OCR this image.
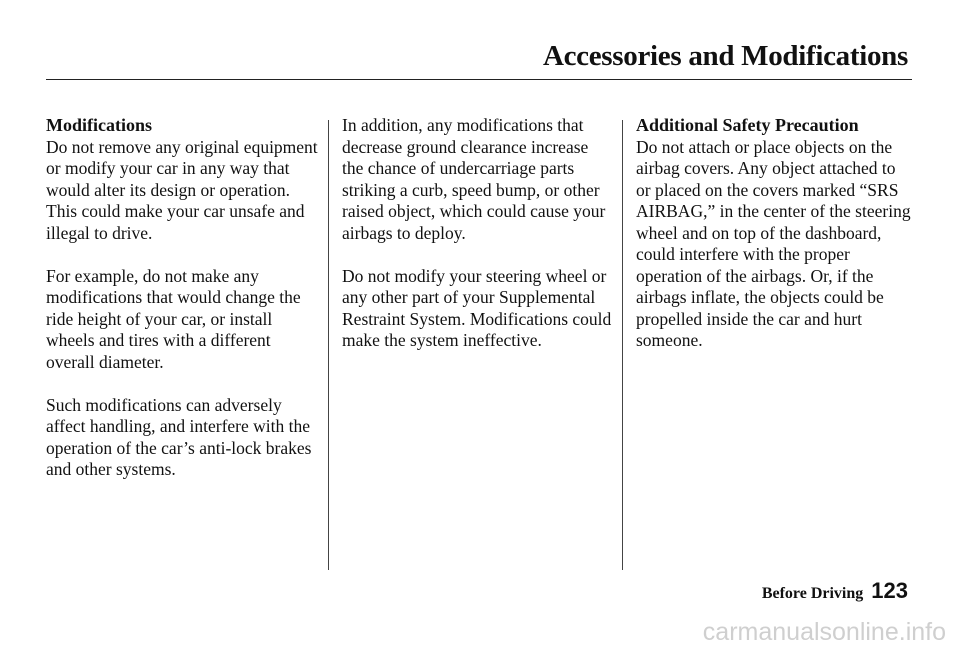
Accessories and Modifications
Modifications

Do not remove any original equipment or modify your car in any way that would alter its design or operation. This could make your car unsafe and illegal to drive.

For example, do not make any modifications that would change the ride height of your car, or install wheels and tires with a different overall diameter.

Such modifications can adversely affect handling, and interfere with the operation of the car’s anti-lock brakes and other systems.

In addition, any modifications that decrease ground clearance increase the chance of undercarriage parts striking a curb, speed bump, or other raised object, which could cause your airbags to deploy.

Do not modify your steering wheel or any other part of your Supplemental Restraint System. Modifications could make the system ineffective.

Additional Safety Precaution

Do not attach or place objects on the airbag covers. Any object attached to or placed on the covers marked “SRS AIRBAG,” in the center of the steering wheel and on top of the dashboard, could interfere with the proper operation of the airbags. Or, if the airbags inflate, the objects could be propelled inside the car and hurt someone.

Before Driving 123
carmanualsonline.info
